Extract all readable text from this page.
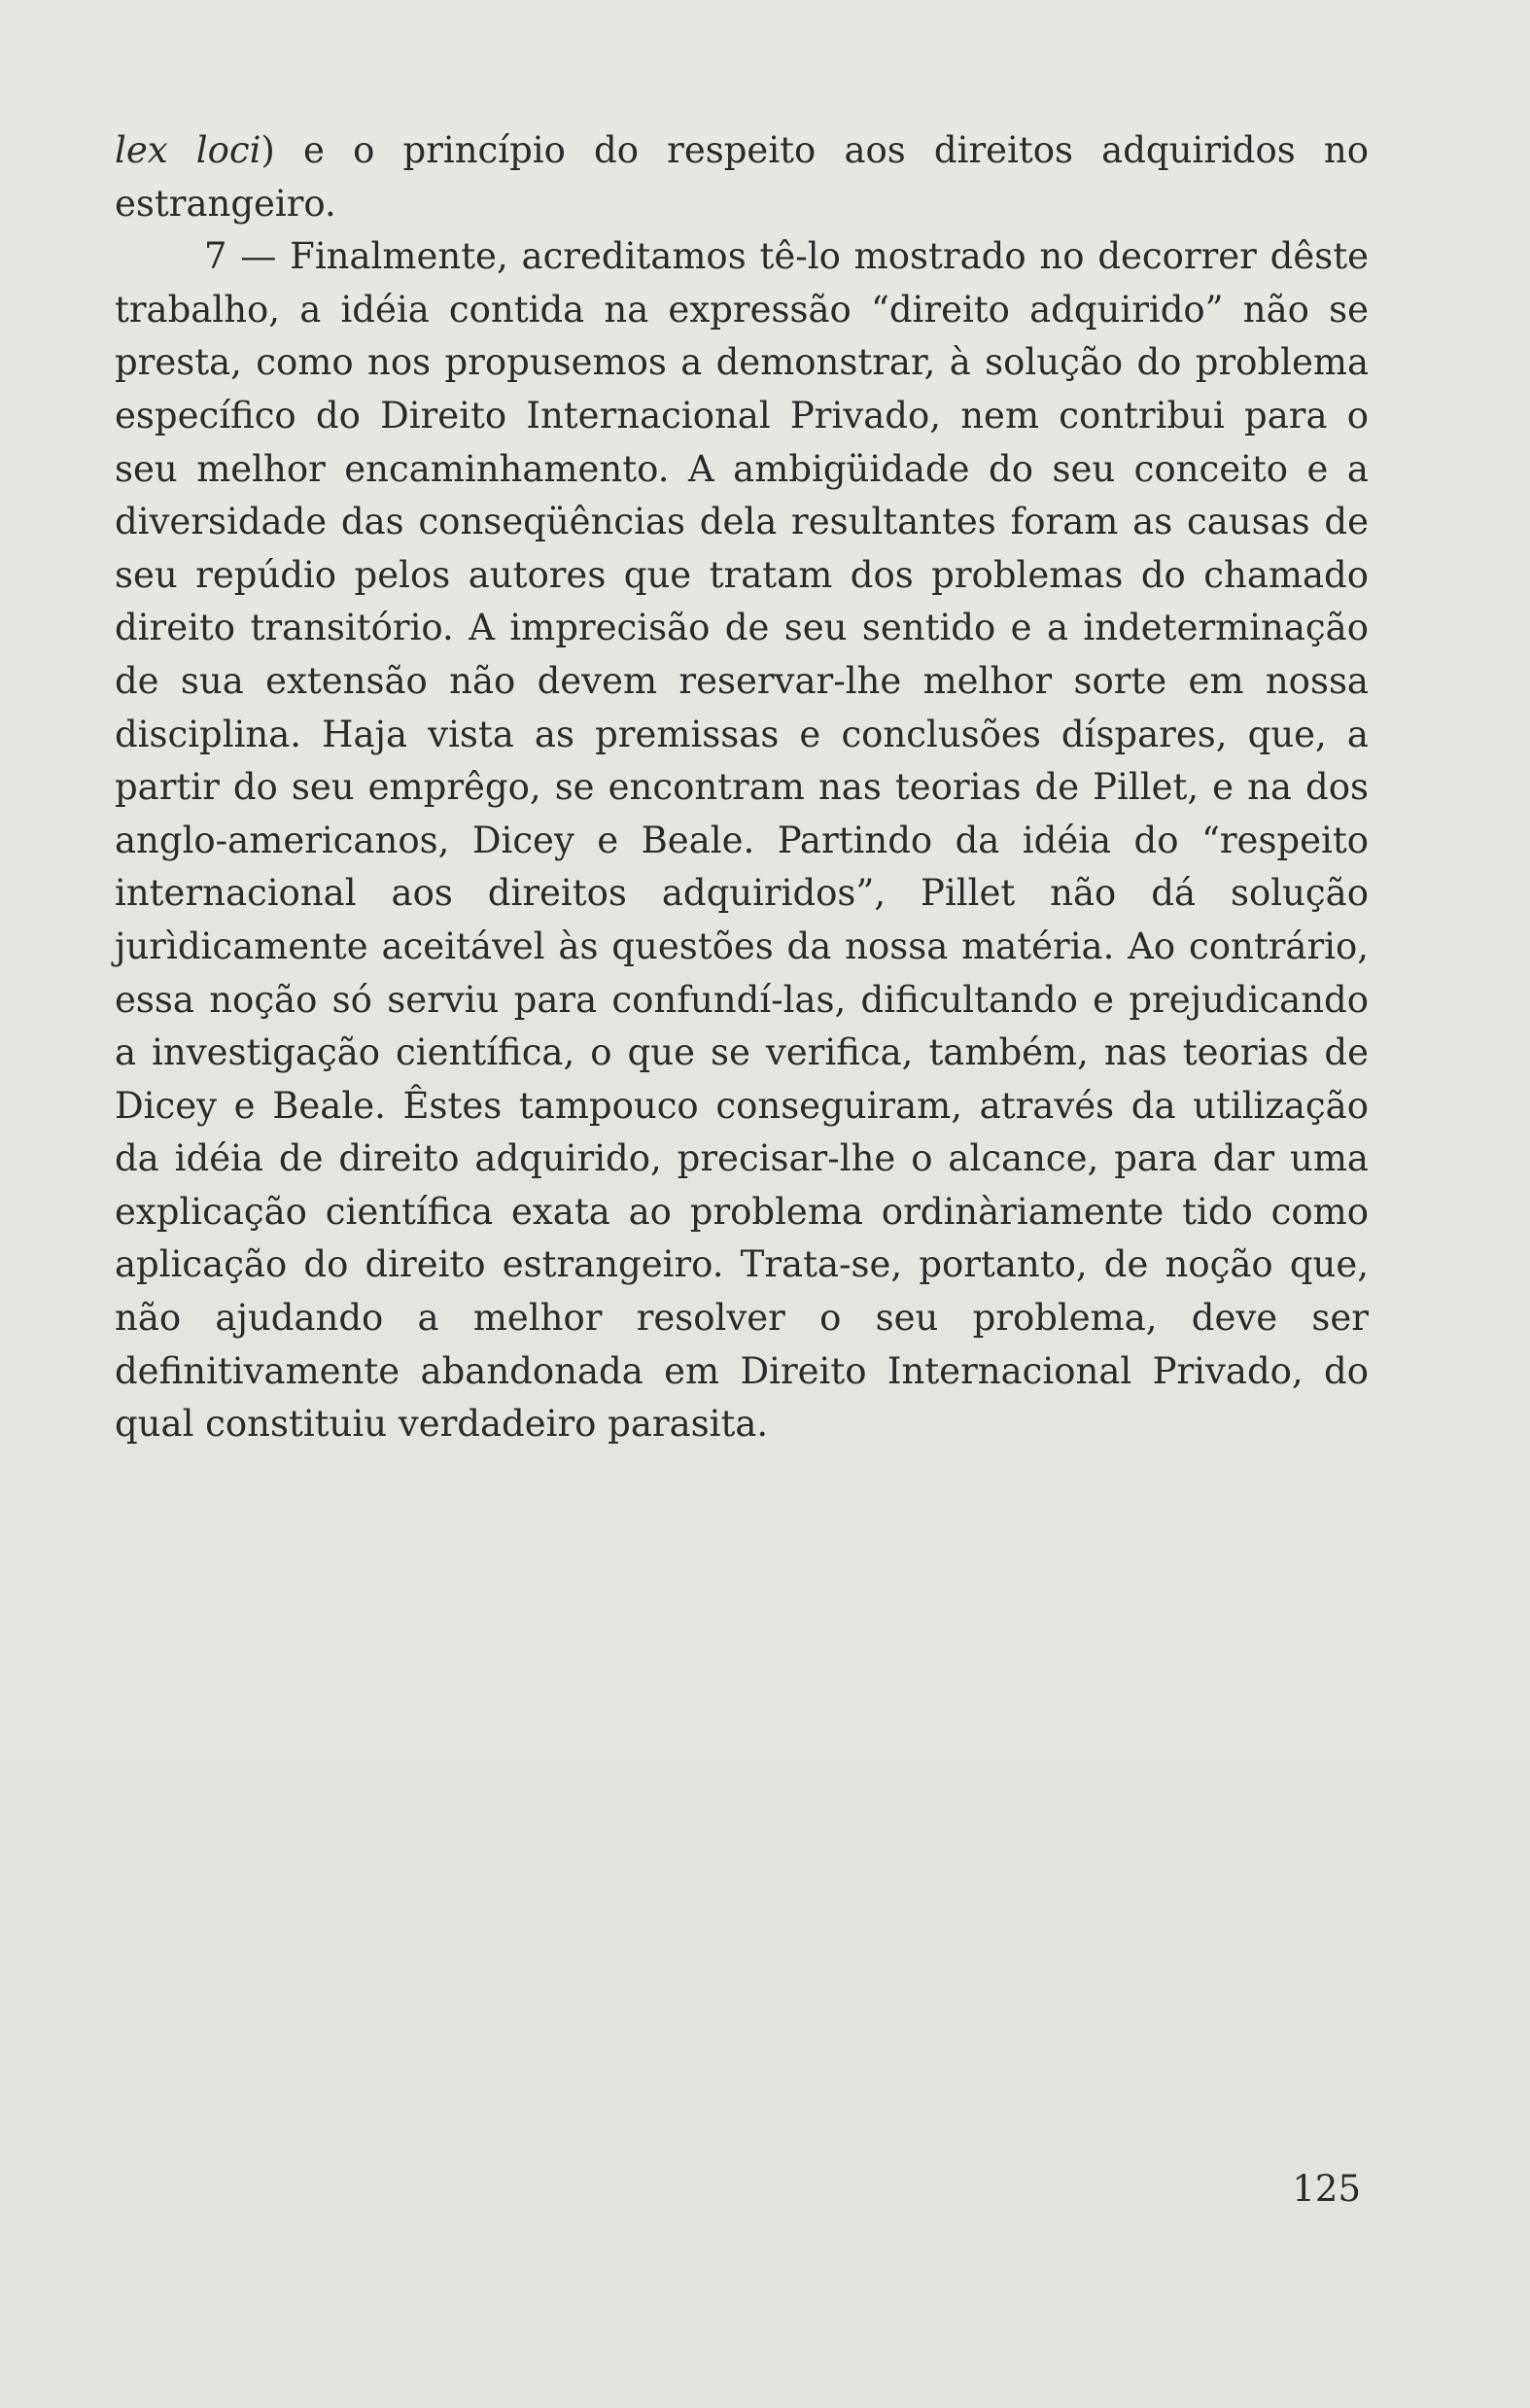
lex loci) e o princípio do respeito aos direitos adquiridos no estrangeiro.

7 — Finalmente, acreditamos tê-lo mostrado no decorrer dêste trabalho, a idéia contida na expressão “direito adquirido” não se presta, como nos propusemos a demonstrar, à solução do problema específico do Direito Internacional Privado, nem contribui para o seu melhor encaminhamento. A ambigüidade do seu conceito e a diversidade das conseqüências dela resultantes foram as causas de seu repúdio pelos autores que tratam dos problemas do chamado direito transitório. A imprecisão de seu sentido e a indeterminação de sua extensão não devem reservar-lhe melhor sorte em nossa disciplina. Haja vista as premissas e conclusões díspares, que, a partir do seu emprêgo, se encontram nas teorias de Pillet, e na dos anglo-americanos, Dicey e Beale. Partindo da idéia do “respeito internacional aos direitos adquiridos”, Pillet não dá solução jurìdicamente aceitável às questões da nossa matéria. Ao contrário, essa noção só serviu para confundí-las, dificultando e prejudicando a investigação científica, o que se verifica, também, nas teorias de Dicey e Beale. Êstes tampouco conseguiram, através da utilização da idéia de direito adquirido, precisar-lhe o alcance, para dar uma explicação científica exata ao problema ordinàriamente tido como aplicação do direito estrangeiro. Trata-se, portanto, de noção que, não ajudando a melhor resolver o seu problema, deve ser definitivamente abandonada em Direito Internacional Privado, do qual constituiu verdadeiro parasita.

125
